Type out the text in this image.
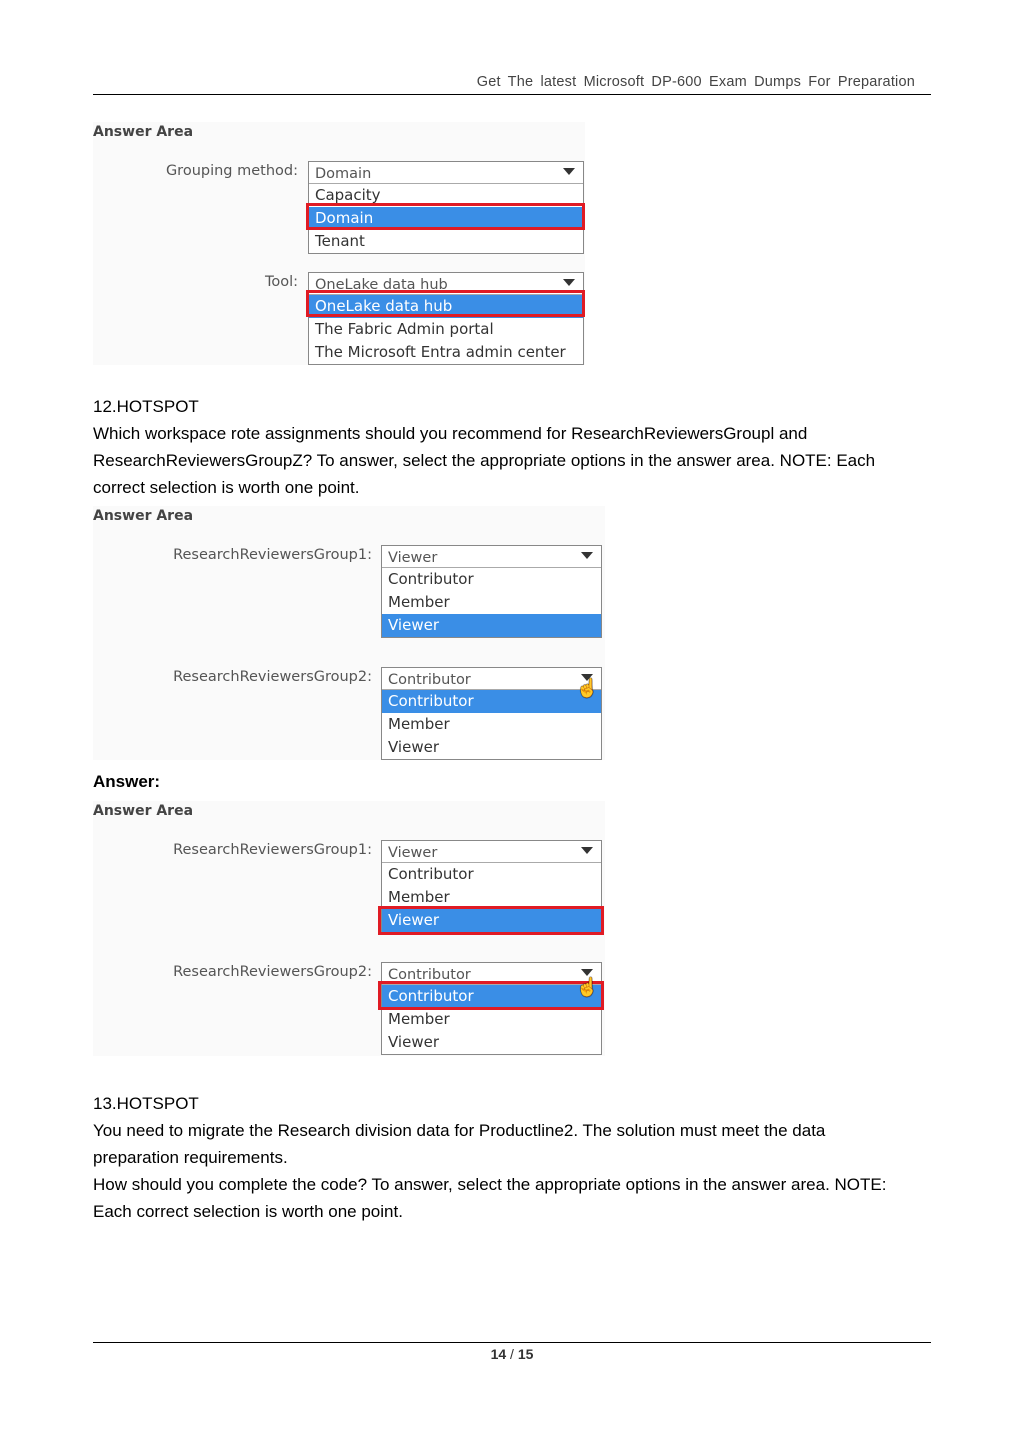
Get The latest Microsoft DP-600 Exam Dumps For Preparation
Answer Area
Grouping method:	Domain
Capacity
Domain
Tenant
Tool:	OneLake data hub
OneLake data hub
The Fabric Admin portal
The Microsoft Entra admin center
12.HOTSPOT
Which workspace rote assignments should you recommend for ResearchReviewersGroupl and
ResearchReviewersGroupZ? To answer, select the appropriate options in the answer area. NOTE: Each
correct selection is worth one point.
Answer Area
ResearchReviewersGroup1:	Viewer
Contributor
Member
Viewer
ResearchReviewersGroup2:	Contributor
Contributor
Member
Viewer
☝
Answer:
Answer Area
ResearchReviewersGroup1:	Viewer
Contributor
Member
Viewer
ResearchReviewersGroup2:	Contributor
Contributor
Member
Viewer
☝
13.HOTSPOT
You need to migrate the Research division data for Productline2. The solution must meet the data
preparation requirements.
How should you complete the code? To answer, select the appropriate options in the answer area. NOTE:
Each correct selection is worth one point.
14 / 15
